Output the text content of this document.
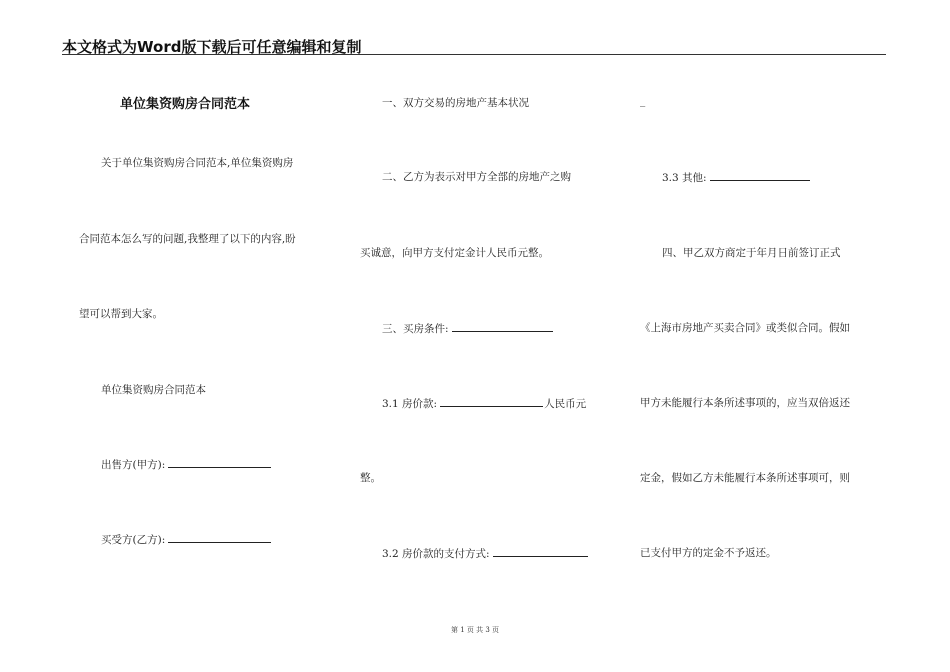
本文格式为Word版下载后可任意编辑和复制
单位集资购房合同范本
关于单位集资购房合同范本,单位集资购房
合同范本怎么写的问题,我整理了以下的内容,盼
望可以帮到大家。
单位集资购房合同范本
出售方(甲方):
买受方(乙方):
一、双方交易的房地产基本状况
二、乙方为表示对甲方全部的房地产之购
买诚意，向甲方支付定金计人民币元整。
三、买房条件:
3.1 房价款:	人民币元
整。
3.2 房价款的支付方式:
_
3.3 其他:
四、甲乙双方商定于年月日前签订正式
《上海市房地产买卖合同》或类似合同。假如
甲方未能履行本条所述事项的，应当双倍返还
定金，假如乙方未能履行本条所述事项可，则
已支付甲方的定金不予返还。
第 1 页 共 3 页
